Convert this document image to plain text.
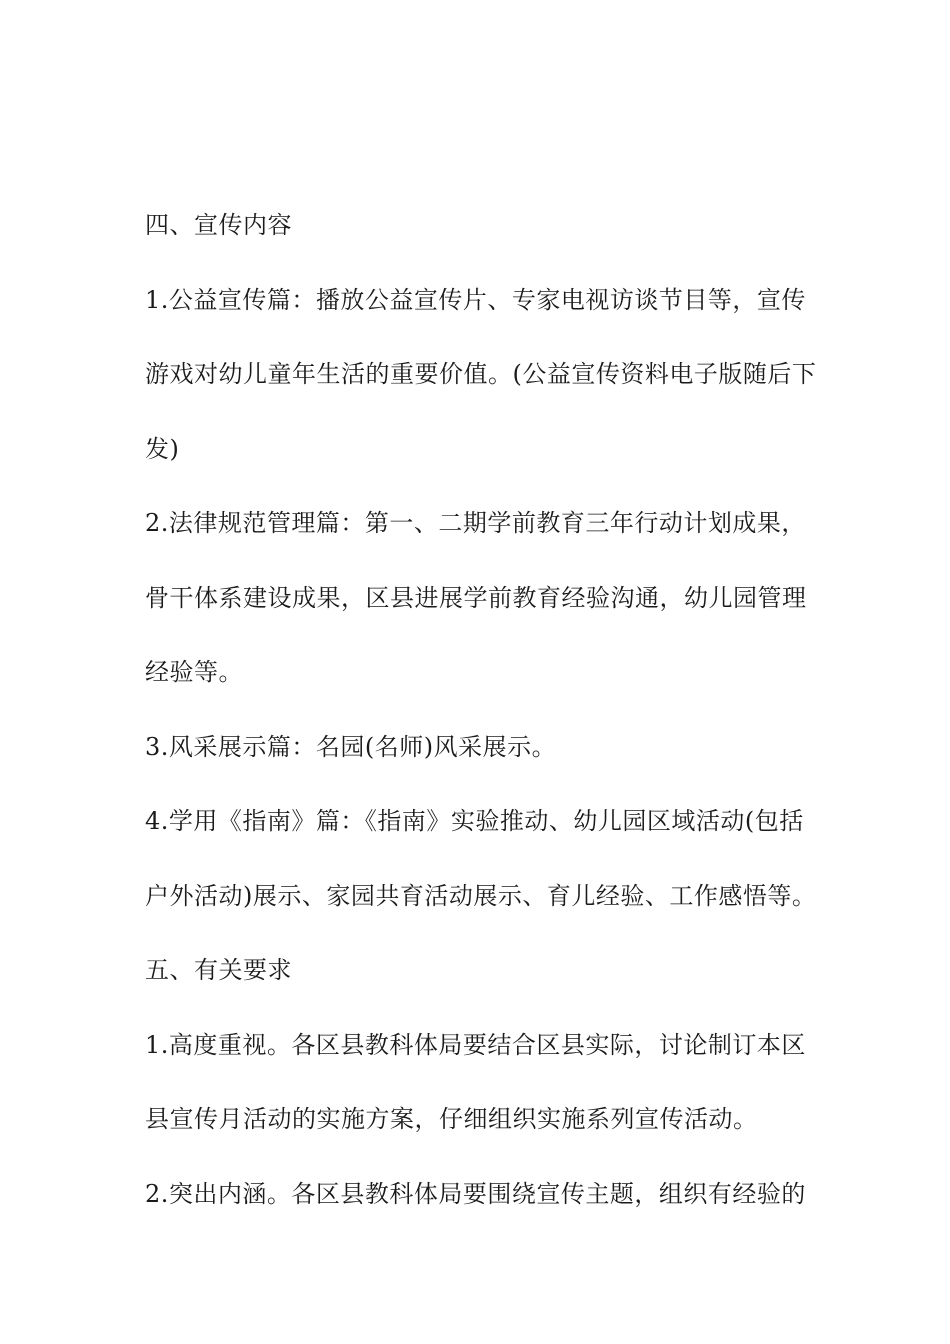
四、宣传内容
1.公益宣传篇：播放公益宣传片、专家电视访谈节目等，宣传
游戏对幼儿童年生活的重要价值。(公益宣传资料电子版随后下
发)
2.法律规范管理篇：第一、二期学前教育三年行动计划成果，
骨干体系建设成果，区县进展学前教育经验沟通，幼儿园管理
经验等。
3.风采展示篇：名园(名师)风采展示。
4.学用《指南》篇：《指南》实验推动、幼儿园区域活动(包括
户外活动)展示、家园共育活动展示、育儿经验、工作感悟等。
五、有关要求
1.高度重视。各区县教科体局要结合区县实际，讨论制订本区
县宣传月活动的实施方案，仔细组织实施系列宣传活动。
2.突出内涵。各区县教科体局要围绕宣传主题，组织有经验的
